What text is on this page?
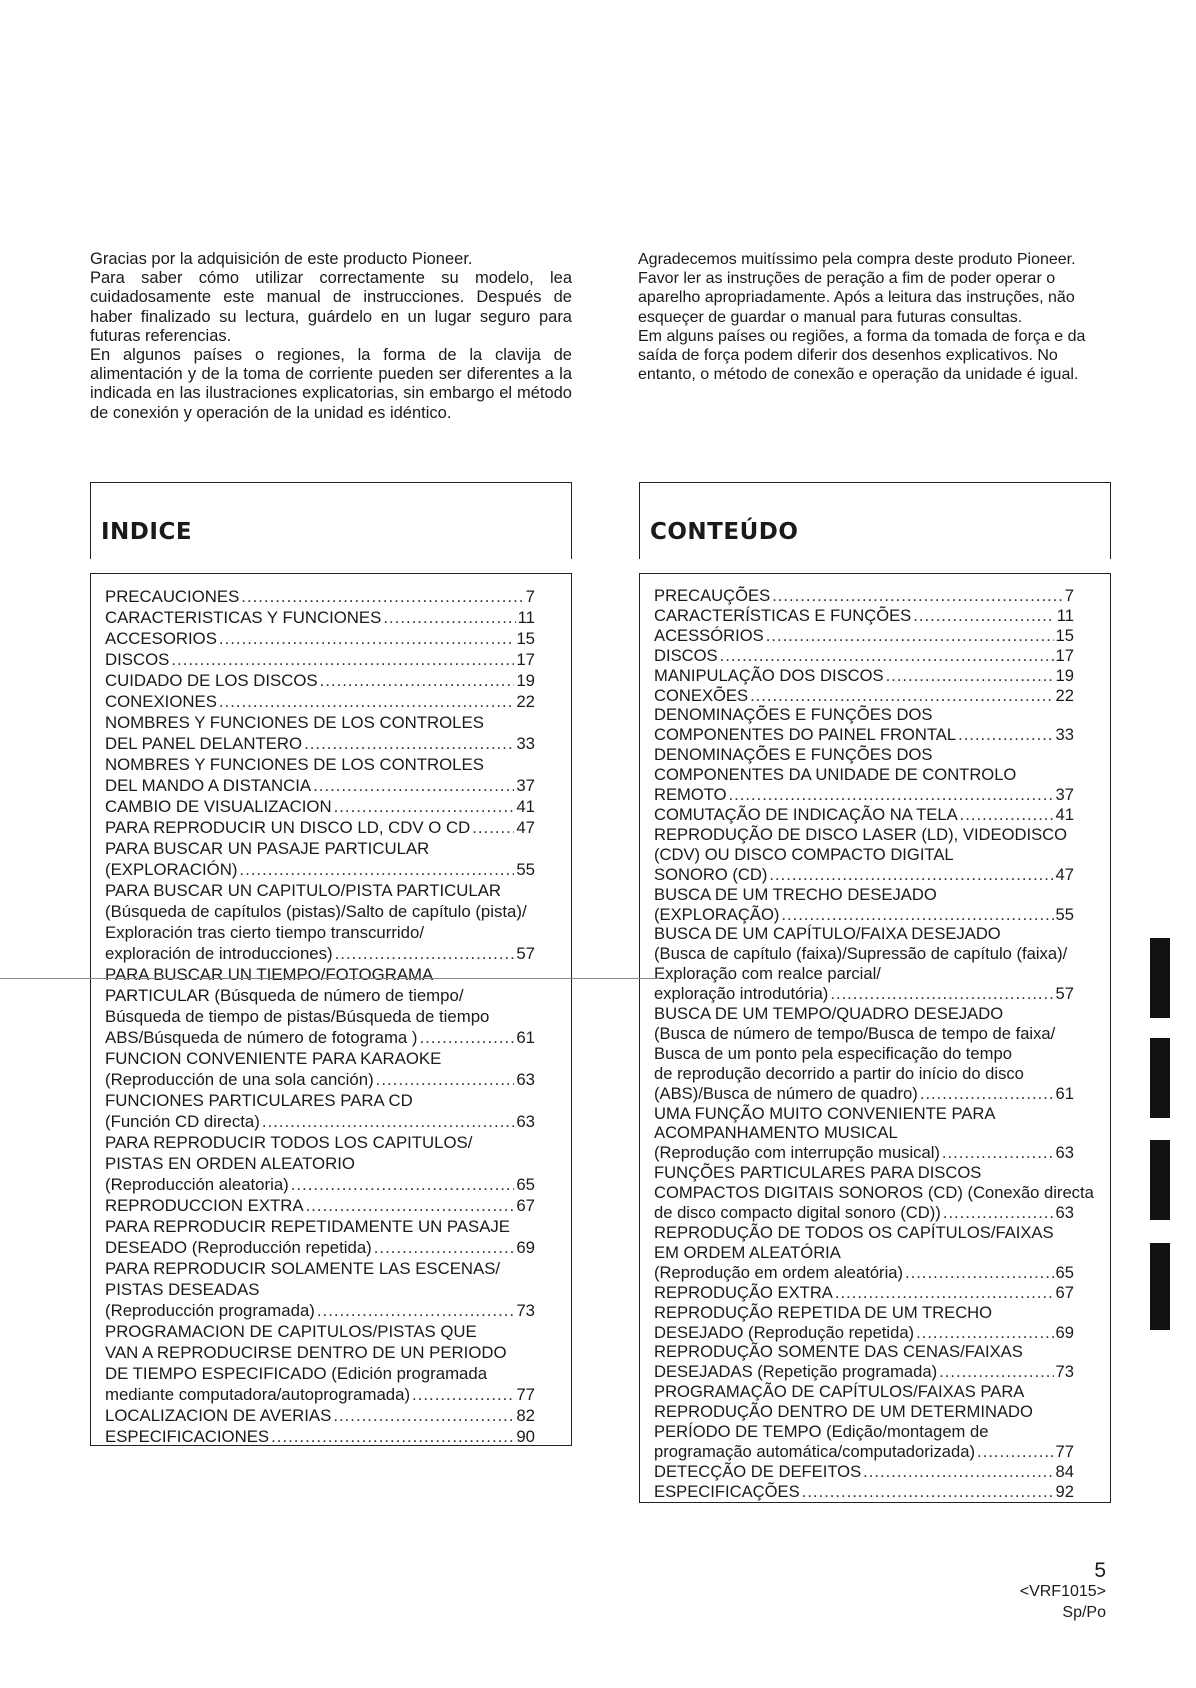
Gracias por la adquisición de este producto Pioneer.

Para saber cómo utilizar correctamente su modelo, lea cuidadosamente este manual de instrucciones. Después de haber finalizado su lectura, guárdelo en un lugar seguro para futuras referencias.

En algunos países o regiones, la forma de la clavija de alimentación y de la toma de corriente pueden ser diferentes a la indicada en las ilustraciones explicatorias, sin embargo el método de conexión y operación de la unidad es idéntico.

Agradecemos muitíssimo pela compra deste produto Pioneer.

Favor ler as instruções de peração a fim de poder operar o aparelho apropriadamente. Após a leitura das instruções, não esqueçer de guardar o manual para futuras consultas.

Em alguns países ou regiões, a forma da tomada de força e da saída de força podem diferir dos desenhos explicativos. No entanto, o método de conexão e operação da unidade é igual.

INDICE	CONTEÚDO
PRECAUCIONES .....	7
CARACTERISTICAS Y FUNCIONES .....	11
ACCESORIOS .....	15
DISCOS .....	17
CUIDADO DE LOS DISCOS .....	19
CONEXIONES .....	22
NOMBRES Y FUNCIONES DE LOS CONTROLES
DEL PANEL DELANTERO .....	33
NOMBRES Y FUNCIONES DE LOS CONTROLES
DEL MANDO A DISTANCIA .....	37
CAMBIO DE VISUALIZACION .....	41
PARA REPRODUCIR UN DISCO LD, CDV O CD .....	47
PARA BUSCAR UN PASAJE PARTICULAR
(EXPLORACIÓN) .....	55
PARA BUSCAR UN CAPITULO/PISTA PARTICULAR
(Búsqueda de capítulos (pistas)/Salto de capítulo (pista)/
Exploración tras cierto tiempo transcurrido/
exploración de introducciones) .....	57
PARA BUSCAR UN TIEMPO/FOTOGRAMA
PARTICULAR (Búsqueda de número de tiempo/
Búsqueda de tiempo de pistas/Búsqueda de tiempo
ABS/Búsqueda de número de fotograma ) .....	61
FUNCION CONVENIENTE PARA KARAOKE
(Reproducción de una sola canción) .....	63
FUNCIONES PARTICULARES PARA CD
(Función CD directa) .....	63
PARA REPRODUCIR TODOS LOS CAPITULOS/
PISTAS EN ORDEN ALEATORIO
(Reproducción aleatoria) .....	65
REPRODUCCION EXTRA .....	67
PARA REPRODUCIR REPETIDAMENTE UN PASAJE
DESEADO (Reproducción repetida) .....	69
PARA REPRODUCIR SOLAMENTE LAS ESCENAS/
PISTAS DESEADAS
(Reproducción programada) .....	73
PROGRAMACION DE CAPITULOS/PISTAS QUE
VAN A REPRODUCIRSE DENTRO DE UN PERIODO
DE TIEMPO ESPECIFICADO (Edición programada
mediante computadora/autoprogramada) .....	77
LOCALIZACION DE AVERIAS .....	82
ESPECIFICACIONES .....	90
PRECAUÇÕES .....	7
CARACTERÍSTICAS E FUNÇÕES .....	11
ACESSÓRIOS .....	15
DISCOS .....	17
MANIPULAÇÃO DOS DISCOS .....	19
CONEXÕES .....	22
DENOMINAÇÕES E FUNÇÕES DOS
COMPONENTES DO PAINEL FRONTAL .....	33
DENOMINAÇÕES E FUNÇÕES DOS
COMPONENTES DA UNIDADE DE CONTROLO
REMOTO .....	37
COMUTAÇÃO DE INDICAÇÃO NA TELA .....	41
REPRODUÇÃO DE DISCO LASER (LD), VIDEODISCO
(CDV) OU DISCO COMPACTO DIGITAL
SONORO (CD) .....	47
BUSCA DE UM TRECHO DESEJADO
(EXPLORAÇÃO) .....	55
BUSCA DE UM CAPÍTULO/FAIXA DESEJADO
(Busca de capítulo (faixa)/Supressão de capítulo (faixa)/
Exploração com realce parcial/
exploração introdutória) .....	57
BUSCA DE UM TEMPO/QUADRO DESEJADO
(Busca de número de tempo/Busca de tempo de faixa/
Busca de um ponto pela especificação do tempo
de reprodução decorrido a partir do início do disco
(ABS)/Busca de número de quadro) .....	61
UMA FUNÇÃO MUITO CONVENIENTE PARA
ACOMPANHAMENTO MUSICAL
(Reprodução com interrupção musical) .....	63
FUNÇÕES PARTICULARES PARA DISCOS
COMPACTOS DIGITAIS SONOROS (CD) (Conexão directa
de disco compacto digital sonoro (CD)) .....	63
REPRODUÇÃO DE TODOS OS CAPÍTULOS/FAIXAS
EM ORDEM ALEATÓRIA
(Reprodução em ordem aleatória) .....	65
REPRODUÇÃO EXTRA .....	67
REPRODUÇÃO REPETIDA DE UM TRECHO
DESEJADO (Reprodução repetida) .....	69
REPRODUÇÃO SOMENTE DAS CENAS/FAIXAS
DESEJADAS (Repetição programada) .....	73
PROGRAMAÇÃO DE CAPÍTULOS/FAIXAS PARA
REPRODUÇÃO DENTRO DE UM DETERMINADO
PERÍODO DE TEMPO (Edição/montagem de
programação automática/computadorizada) .....	77
DETECÇÃO DE DEFEITOS .....	84
ESPECIFICAÇÕES .....	92
5
<VRF1015>
Sp/Po
